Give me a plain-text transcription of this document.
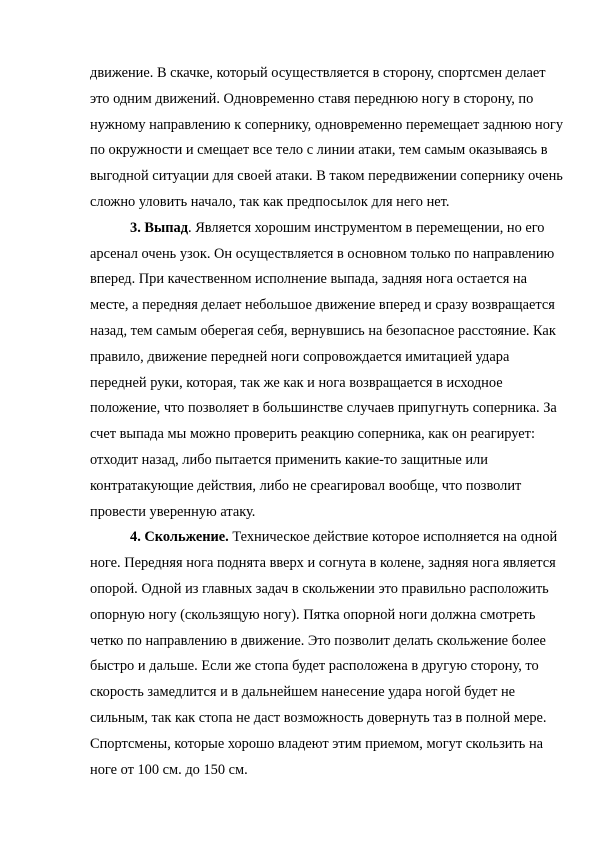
движение. В скачке, который осуществляется в сторону, спортсмен делает
это одним движений. Одновременно ставя переднюю ногу в сторону, по
нужному направлению к сопернику, одновременно перемещает заднюю ногу
по окружности и смещает все тело с линии атаки, тем самым оказываясь в
выгодной ситуации для своей атаки. В таком передвижении сопернику очень
сложно уловить начало, так как предпосылок для него нет.
3. Выпад. Является хорошим инструментом в перемещении, но его
арсенал очень узок. Он осуществляется в основном только по направлению
вперед. При качественном исполнение выпада, задняя нога остается на
месте, а передняя делает небольшое движение вперед и сразу возвращается
назад, тем самым оберегая себя, вернувшись на безопасное расстояние. Как
правило, движение передней ноги сопровождается имитацией удара
передней руки, которая, так же как и нога возвращается в исходное
положение, что позволяет в большинстве случаев припугнуть соперника. За
счет выпада мы можно проверить реакцию соперника, как он реагирует:
отходит назад, либо пытается применить какие-то защитные или
контратакующие действия, либо не среагировал вообще, что позволит
провести уверенную атаку.
4. Скольжение. Техническое действие которое исполняется на одной
ноге. Передняя нога поднята вверх и согнута в колене, задняя нога является
опорой. Одной из главных задач в скольжении это правильно расположить
опорную ногу (скользящую ногу). Пятка опорной ноги должна смотреть
четко по направлению в движение. Это позволит делать скольжение более
быстро и дальше. Если же стопа будет расположена в другую сторону, то
скорость замедлится и в дальнейшем нанесение удара ногой будет не
сильным, так как стопа не даст возможность довернуть таз в полной мере.
Спортсмены, которые хорошо владеют этим приемом, могут скользить на
ноге от 100 см. до 150 см.
